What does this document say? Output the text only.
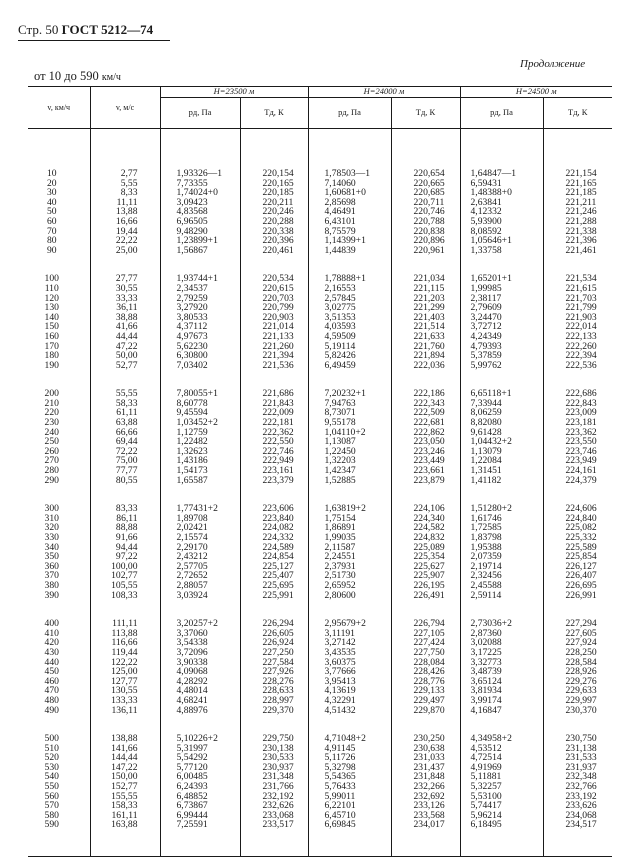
Стр. 50 ГОСТ 5212—74
Продолжение
от 10 до 590 км/ч
v, км/ч	v, м/с	H=23500 м		H=24000 м		H=24500 м	
		pд, Па	Тд, К	pд, Па	Тд, К	pд, Па	Тд, К

10	2,77	1,93326—1	220,154	1,78503—1	220,654	1,64847—1	221,154
20	5,55	7,73355	220,165	7,14060	220,665	6,59431	221,165
30	8,33	1,74024+0	220,185	1,60681+0	220,685	1,48388+0	221,185
40	11,11	3,09423	220,211	2,85698	220,711	2,63841	221,211
50	13,88	4,83568	220,246	4,46491	220,746	4,12332	221,246
60	16,66	6,96505	220,288	6,43101	220,788	5,93900	221,288
70	19,44	9,48290	220,338	8,75579	220,838	8,08592	221,338
80	22,22	1,23899+1	220,396	1,14399+1	220,896	1,05646+1	221,396
90	25,00	1,56867	220,461	1,44839	220,961	1,33758	221,461

100	27,77	1,93744+1	220,534	1,78888+1	221,034	1,65201+1	221,534
110	30,55	2,34537	220,615	2,16553	221,115	1,99985	221,615
120	33,33	2,79259	220,703	2,57845	221,203	2,38117	221,703
130	36,11	3,27920	220,799	3,02775	221,299	2,79609	221,799
140	38,88	3,80533	220,903	3,51353	221,403	3,24470	221,903
150	41,66	4,37112	221,014	4,03593	221,514	3,72712	222,014
160	44,44	4,97673	221,133	4,59509	221,633	4,24349	222,133
170	47,22	5,62230	221,260	5,19114	221,760	4,79393	222,260
180	50,00	6,30800	221,394	5,82426	221,894	5,37859	222,394
190	52,77	7,03402	221,536	6,49459	222,036	5,99762	222,536

200	55,55	7,80055+1	221,686	7,20232+1	222,186	6,65118+1	222,686
210	58,33	8,60778	221,843	7,94763	222,343	7,33944	222,843
220	61,11	9,45594	222,009	8,73071	222,509	8,06259	223,009
230	63,88	1,03452+2	222,181	9,55178	222,681	8,82080	223,181
240	66,66	1,12759	222,362	1,04110+2	222,862	9,61428	223,362
250	69,44	1,22482	222,550	1,13087	223,050	1,04432+2	223,550
260	72,22	1,32623	222,746	1,22450	223,246	1,13079	223,746
270	75,00	1,43186	222,949	1,32203	223,449	1,22084	223,949
280	77,77	1,54173	223,161	1,42347	223,661	1,31451	224,161
290	80,55	1,65587	223,379	1,52885	223,879	1,41182	224,379

300	83,33	1,77431+2	223,606	1,63819+2	224,106	1,51280+2	224,606
310	86,11	1,89708	223,840	1,75154	224,340	1,61746	224,840
320	88,88	2,02421	224,082	1,86891	224,582	1,72585	225,082
330	91,66	2,15574	224,332	1,99035	224,832	1,83798	225,332
340	94,44	2,29170	224,589	2,11587	225,089	1,95388	225,589
350	97,22	2,43212	224,854	2,24551	225,354	2,07359	225,854
360	100,00	2,57705	225,127	2,37931	225,627	2,19714	226,127
370	102,77	2,72652	225,407	2,51730	225,907	2,32456	226,407
380	105,55	2,88057	225,695	2,65952	226,195	2,45588	226,695
390	108,33	3,03924	225,991	2,80600	226,491	2,59114	226,991

400	111,11	3,20257+2	226,294	2,95679+2	226,794	2,73036+2	227,294
410	113,88	3,37060	226,605	3,11191	227,105	2,87360	227,605
420	116,66	3,54338	226,924	3,27142	227,424	3,02088	227,924
430	119,44	3,72096	227,250	3,43535	227,750	3,17225	228,250
440	122,22	3,90338	227,584	3,60375	228,084	3,32773	228,584
450	125,00	4,09068	227,926	3,77666	228,426	3,48739	228,926
460	127,77	4,28292	228,276	3,95413	228,776	3,65124	229,276
470	130,55	4,48014	228,633	4,13619	229,133	3,81934	229,633
480	133,33	4,68241	228,997	4,32291	229,497	3,99174	229,997
490	136,11	4,88976	229,370	4,51432	229,870	4,16847	230,370

500	138,88	5,10226+2	229,750	4,71048+2	230,250	4,34958+2	230,750
510	141,66	5,31997	230,138	4,91145	230,638	4,53512	231,138
520	144,44	5,54292	230,533	5,11726	231,033	4,72514	231,533
530	147,22	5,77120	230,937	5,32798	231,437	4,91969	231,937
540	150,00	6,00485	231,348	5,54365	231,848	5,11881	232,348
550	152,77	6,24393	231,766	5,76433	232,266	5,32257	232,766
560	155,55	6,48852	232,192	5,99011	232,692	5,53100	233,192
570	158,33	6,73867	232,626	6,22101	233,126	5,74417	233,626
580	161,11	6,99444	233,068	6,45710	233,568	5,96214	234,068
590	163,88	7,25591	233,517	6,69845	234,017	6,18495	234,517
